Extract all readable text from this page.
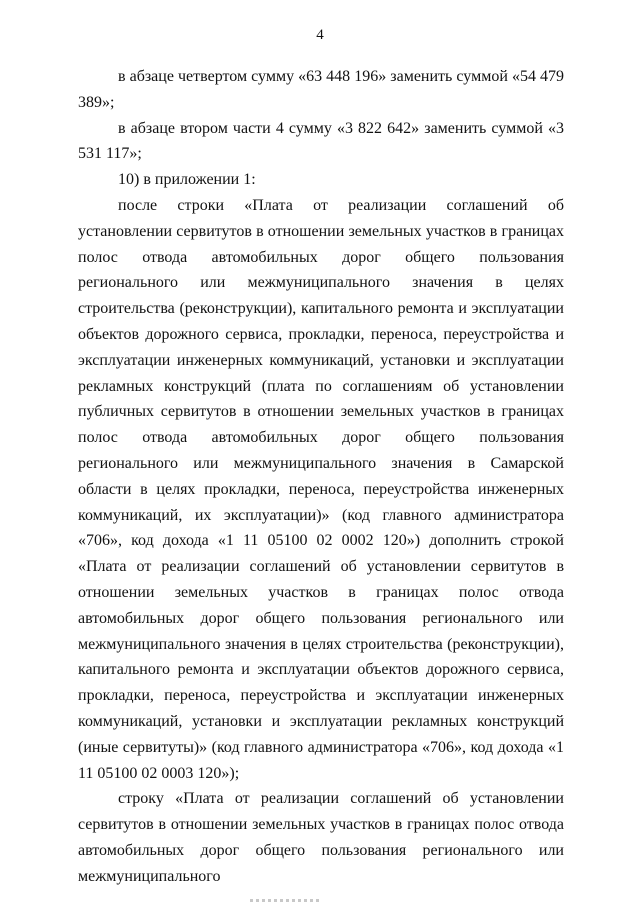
4

в абзаце четвертом сумму «63 448 196» заменить суммой «54 479 389»;

в абзаце втором части 4 сумму «3 822 642» заменить суммой «3 531 117»;

10) в приложении 1:

после строки «Плата от реализации соглашений об установлении сервитутов в отношении земельных участков в границах полос отвода автомобильных дорог общего пользования регионального или межмуниципального значения в целях строительства (реконструкции), капитального ремонта и эксплуатации объектов дорожного сервиса, прокладки, переноса, переустройства и эксплуатации инженерных коммуникаций, установки и эксплуатации рекламных конструкций (плата по соглашениям об установлении публичных сервитутов в отношении земельных участков в границах полос отвода автомобильных дорог общего пользования регионального или межмуниципального значения в Самарской области в целях прокладки, переноса, переустройства инженерных коммуникаций, их эксплуатации)» (код главного администратора «706», код дохода «1 11 05100 02 0002 120») дополнить строкой «Плата от реализации соглашений об установлении сервитутов в отношении земельных участков в границах полос отвода автомобильных дорог общего пользования регионального или межмуниципального значения в целях строительства (реконструкции), капитального ремонта и эксплуатации объектов дорожного сервиса, прокладки, переноса, переустройства и эксплуатации инженерных коммуникаций, установки и эксплуатации рекламных конструкций (иные сервитуты)» (код главного администратора «706», код дохода «1 11 05100 02 0003 120»);

строку «Плата от реализации соглашений об установлении сервитутов в отношении земельных участков в границах полос отвода автомобильных дорог общего пользования регионального или межмуниципального
